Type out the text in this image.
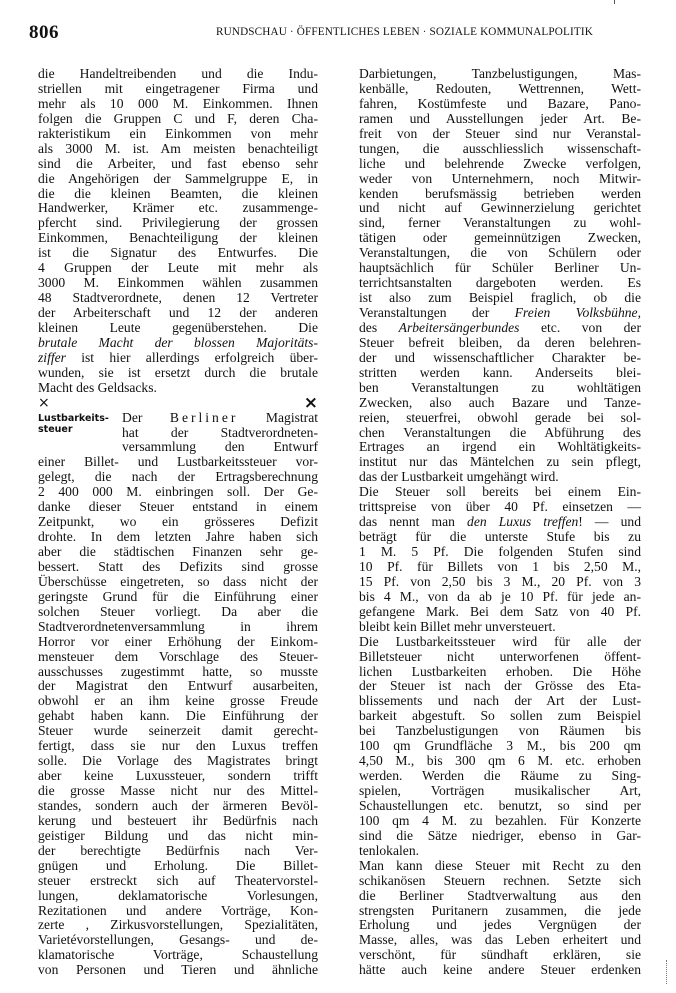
806	RUNDSCHAU · ÖFFENTLICHES LEBEN · SOZIALE KOMMUNALPOLITIK
die Handeltreibenden und die Indu-
striellen mit eingetragener Firma und
mehr als 10 000 M. Einkommen. Ihnen
folgen die Gruppen C und F, deren Cha-
rakteristikum ein Einkommen von mehr
als 3000 M. ist. Am meisten benachteiligt
sind die Arbeiter, und fast ebenso sehr
die Angehörigen der Sammelgruppe E, in
die die kleinen Beamten, die kleinen
Handwerker, Krämer etc. zusammenge-
pfercht sind. Privilegierung der grossen
Einkommen, Benachteiligung der kleinen
ist die Signatur des Entwurfes. Die
4 Gruppen der Leute mit mehr als
3000 M. Einkommen wählen zusammen
48 Stadtverordnete, denen 12 Vertreter
der Arbeiterschaft und 12 der anderen
kleinen Leute gegenüberstehen. Die
brutale Macht der blossen Majoritäts-
ziffer ist hier allerdings erfolgreich über-
wunden, sie ist ersetzt durch die brutale
Macht des Geldsacks.
×	×
Lustbarkeits-
steuer
Der Berliner Magistrat
hat der Stadtverordneten-
versammlung den Entwurf
einer Billet- und Lustbarkeitssteuer vor-
gelegt, die nach der Ertragsberechnung
2 400 000 M. einbringen soll. Der Ge-
danke dieser Steuer entstand in einem
Zeitpunkt, wo ein grösseres Defizit
drohte. In dem letzten Jahre haben sich
aber die städtischen Finanzen sehr ge-
bessert. Statt des Defizits sind grosse
Überschüsse eingetreten, so dass nicht der
geringste Grund für die Einführung einer
solchen Steuer vorliegt. Da aber die
Stadtverordnetenversammlung in ihrem
Horror vor einer Erhöhung der Einkom-
mensteuer dem Vorschlage des Steuer-
ausschusses zugestimmt hatte, so musste
der Magistrat den Entwurf ausarbeiten,
obwohl er an ihm keine grosse Freude
gehabt haben kann. Die Einführung der
Steuer wurde seinerzeit damit gerecht-
fertigt, dass sie nur den Luxus treffen
solle. Die Vorlage des Magistrates bringt
aber keine Luxussteuer, sondern trifft
die grosse Masse nicht nur des Mittel-
standes, sondern auch der ärmeren Bevöl-
kerung und besteuert ihr Bedürfnis nach
geistiger Bildung und das nicht min-
der berechtigte Bedürfnis nach Ver-
gnügen und Erholung. Die Billet-
steuer erstreckt sich auf Theatervorstel-
lungen, deklamatorische Vorlesungen,
Rezitationen und andere Vorträge, Kon-
zerte , Zirkusvorstellungen, Spezialitäten,
Varietévorstellungen, Gesangs- und de-
klamatorische Vorträge, Schaustellung
von Personen und Tieren und ähnliche
Darbietungen, Tanzbelustigungen, Mas-
kenbälle, Redouten, Wettrennen, Wett-
fahren, Kostümfeste und Bazare, Pano-
ramen und Ausstellungen jeder Art. Be-
freit von der Steuer sind nur Veranstal-
tungen, die ausschliesslich wissenschaft-
liche und belehrende Zwecke verfolgen,
weder von Unternehmern, noch Mitwir-
kenden berufsmässig betrieben werden
und nicht auf Gewinnerzielung gerichtet
sind, ferner Veranstaltungen zu wohl-
tätigen oder gemeinnützigen Zwecken,
Veranstaltungen, die von Schülern oder
hauptsächlich für Schüler Berliner Un-
terrichtsanstalten dargeboten werden. Es
ist also zum Beispiel fraglich, ob die
Veranstaltungen der Freien Volksbühne,
des Arbeitersängerbundes etc. von der
Steuer befreit bleiben, da deren belehren-
der und wissenschaftlicher Charakter be-
stritten werden kann. Anderseits blei-
ben Veranstaltungen zu wohltätigen
Zwecken, also auch Bazare und Tanze-
reien, steuerfrei, obwohl gerade bei sol-
chen Veranstaltungen die Abführung des
Ertrages an irgend ein Wohltätigkeits-
institut nur das Mäntelchen zu sein pflegt,
das der Lustbarkeit umgehängt wird.
Die Steuer soll bereits bei einem Ein-
trittspreise von über 40 Pf. einsetzen —
das nennt man den Luxus treffen! — und
beträgt für die unterste Stufe bis zu
1 M. 5 Pf. Die folgenden Stufen sind
10 Pf. für Billets von 1 bis 2,50 M.,
15 Pf. von 2,50 bis 3 M., 20 Pf. von 3
bis 4 M., von da ab je 10 Pf. für jede an-
gefangene Mark. Bei dem Satz von 40 Pf.
bleibt kein Billet mehr unversteuert.
Die Lustbarkeitssteuer wird für alle der
Billetsteuer nicht unterworfenen öffent-
lichen Lustbarkeiten erhoben. Die Höhe
der Steuer ist nach der Grösse des Eta-
blissements und nach der Art der Lust-
barkeit abgestuft. So sollen zum Beispiel
bei Tanzbelustigungen von Räumen bis
100 qm Grundfläche 3 M., bis 200 qm
4,50 M., bis 300 qm 6 M. etc. erhoben
werden. Werden die Räume zu Sing-
spielen, Vorträgen musikalischer Art,
Schaustellungen etc. benutzt, so sind per
100 qm 4 M. zu bezahlen. Für Konzerte
sind die Sätze niedriger, ebenso in Gar-
tenlokalen.
Man kann diese Steuer mit Recht zu den
schikanösen Steuern rechnen. Setzte sich
die Berliner Stadtverwaltung aus den
strengsten Puritanern zusammen, die jede
Erholung und jedes Vergnügen der
Masse, alles, was das Leben erheitert und
verschönt, für sündhaft erklären, sie
hätte auch keine andere Steuer erdenken
